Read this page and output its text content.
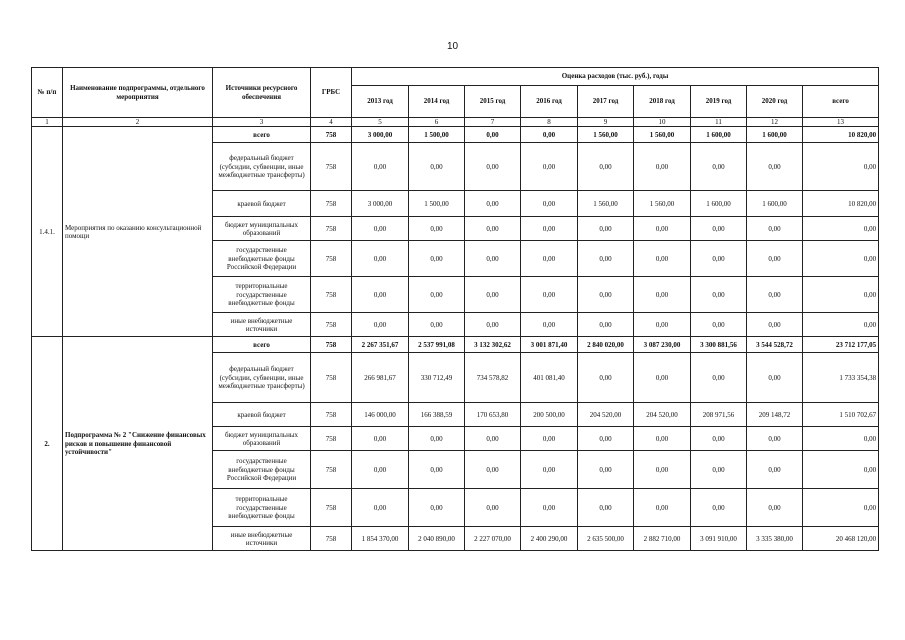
10
№ п/п	Наименование подпрограммы, отдельного мероприятия	Источники ресурсного обеспечения	ГРБС	Оценка расходов (тыс. руб.), годы								
				2013 год	2014 год	2015 год	2016 год	2017 год	2018 год	2019 год	2020 год	всего
1	2	3	4	5	6	7	8	9	10	11	12	13
1.4.1.	Мероприятия по оказанию консультационной помощи	всего	758	3 000,00	1 500,00	0,00	0,00	1 560,00	1 560,00	1 600,00	1 600,00	10 820,00
		федеральный бюджет (субсидии, субвенции, иные межбюджетные трансферты)	758	0,00	0,00	0,00	0,00	0,00	0,00	0,00	0,00	0,00
		краевой бюджет	758	3 000,00	1 500,00	0,00	0,00	1 560,00	1 560,00	1 600,00	1 600,00	10 820,00
		бюджет муниципальных образований	758	0,00	0,00	0,00	0,00	0,00	0,00	0,00	0,00	0,00
		государственные внебюджетные фонды Российской Федерации	758	0,00	0,00	0,00	0,00	0,00	0,00	0,00	0,00	0,00
		территориальные государственные внебюджетные фонды	758	0,00	0,00	0,00	0,00	0,00	0,00	0,00	0,00	0,00
		иные внебюджетные источники	758	0,00	0,00	0,00	0,00	0,00	0,00	0,00	0,00	0,00
2.	Подпрограмма № 2 "Снижение финансовых рисков и повышение финансовой устойчивости"	всего	758	2 267 351,67	2 537 991,08	3 132 302,62	3 001 871,40	2 840 020,00	3 087 230,00	3 300 881,56	3 544 528,72	23 712 177,05
		федеральный бюджет (субсидии, субвенции, иные межбюджетные трансферты)	758	266 981,67	330 712,49	734 578,82	401 081,40	0,00	0,00	0,00	0,00	1 733 354,38
		краевой бюджет	758	146 000,00	166 388,59	170 653,80	200 500,00	204 520,00	204 520,00	208 971,56	209 148,72	1 510 702,67
		бюджет муниципальных образований	758	0,00	0,00	0,00	0,00	0,00	0,00	0,00	0,00	0,00
		государственные внебюджетные фонды Российской Федерации	758	0,00	0,00	0,00	0,00	0,00	0,00	0,00	0,00	0,00
		территориальные государственные внебюджетные фонды	758	0,00	0,00	0,00	0,00	0,00	0,00	0,00	0,00	0,00
		иные внебюджетные источники	758	1 854 370,00	2 040 890,00	2 227 070,00	2 400 290,00	2 635 500,00	2 882 710,00	3 091 910,00	3 335 380,00	20 468 120,00
